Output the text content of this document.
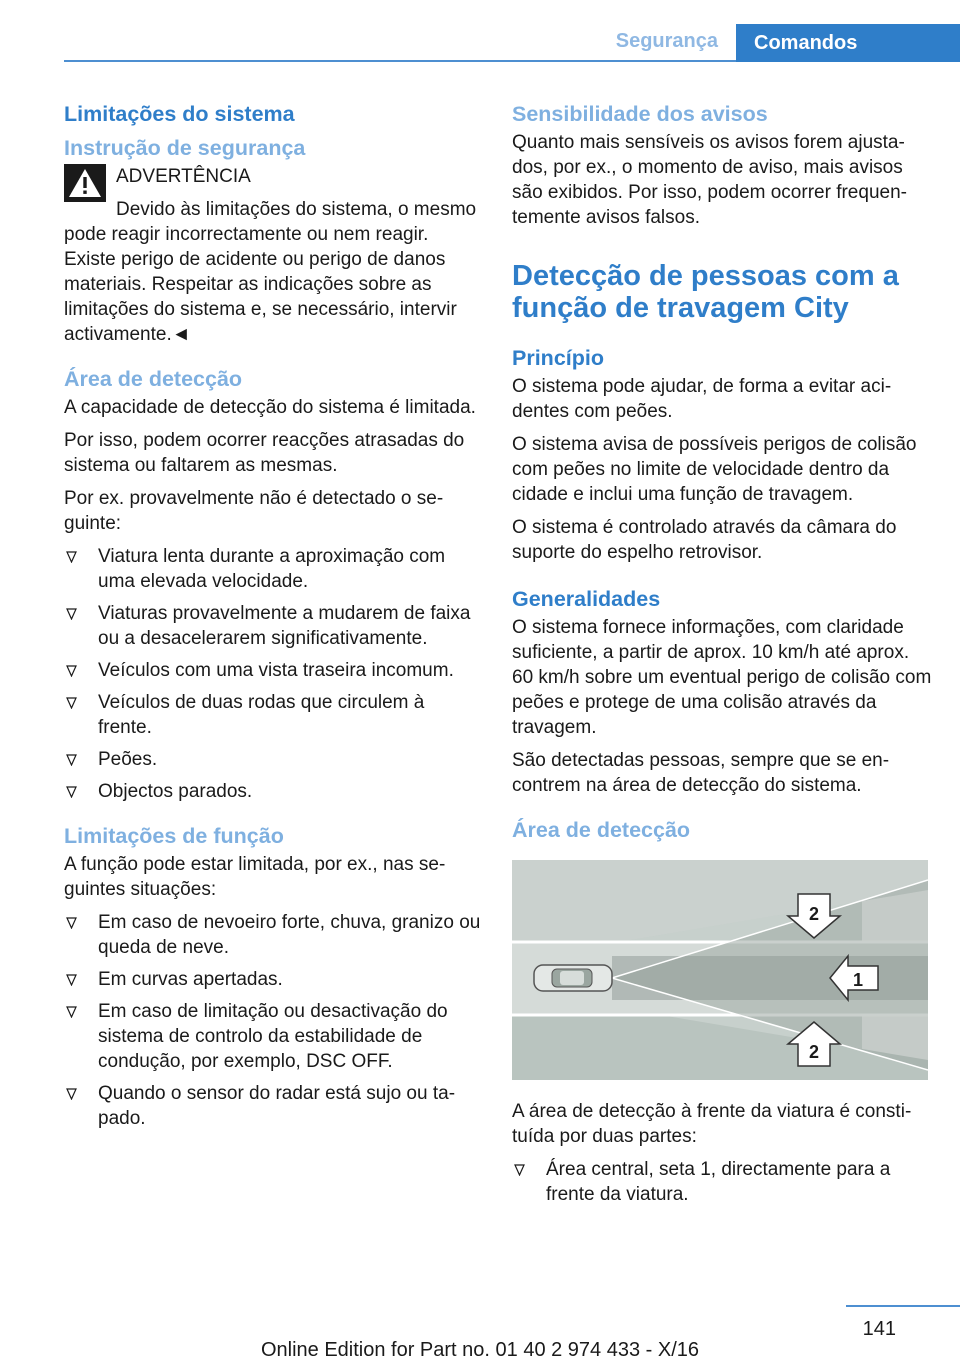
Segurança	Comandos
Limitações do sistema
Instrução de segurança
ADVERTÊNCIA
Devido às limitações do sistema, o mesmo pode reagir incorrectamente ou nem reagir. Existe perigo de acidente ou perigo de danos materiais. Respeitar as indicações sobre as limitações do sistema e, se necessário, intervir activamente.◄
Área de detecção

A capacidade de detecção do sistema é limitada.

Por isso, podem ocorrer reacções atrasadas do sistema ou faltarem as mesmas.

Por ex. provavelmente não é detectado o seguinte:

Viatura lenta durante a aproximação com uma elevada velocidade.
Viaturas provavelmente a mudarem de faixa ou a desacelerarem significativamente.
Veículos com uma vista traseira incomum.
Veículos de duas rodas que circulem à frente.
Peões.
Objectos parados.
Limitações de função

A função pode estar limitada, por ex., nas seguintes situações:

Em caso de nevoeiro forte, chuva, granizo ou queda de neve.
Em curvas apertadas.
Em caso de limitação ou desactivação do sistema de controlo da estabilidade de condução, por exemplo, DSC OFF.
Quando o sensor do radar está sujo ou tapado.
Sensibilidade dos avisos

Quanto mais sensíveis os avisos forem ajustados, por ex., o momento de aviso, mais avisos são exibidos. Por isso, podem ocorrer frequentemente avisos falsos.

Detecção de pessoas com a função de travagem City
Princípio

O sistema pode ajudar, de forma a evitar acidentes com peões.

O sistema avisa de possíveis perigos de colisão com peões no limite de velocidade dentro da cidade e inclui uma função de travagem.

O sistema é controlado através da câmara do suporte do espelho retrovisor.

Generalidades

O sistema fornece informações, com claridade suficiente, a partir de aprox. 10 km/h até aprox. 60 km/h sobre um eventual perigo de colisão com peões e protege de uma colisão através da travagem.

São detectadas pessoas, sempre que se encontrem na área de detecção do sistema.

Área de detecção
1
2
2

A área de detecção à frente da viatura é constituída por duas partes:

Área central, seta 1, directamente para a frente da viatura.
141
Online Edition for Part no. 01 40 2 974 433 - X/16
